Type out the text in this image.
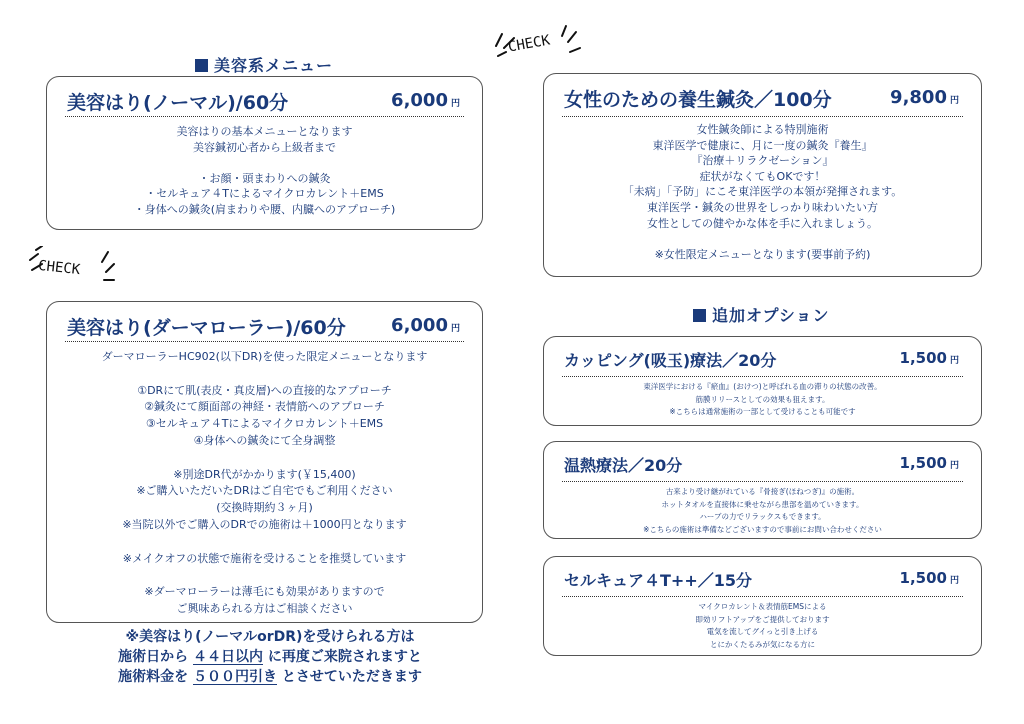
美容系メニュー
追加オプション
CHECK
CHECK
美容はり(ノーマル)/60分	6,000 円
美容はりの基本メニューとなります
美容鍼初心者から上級者まで
・お顔・頭まわりへの鍼灸
・セルキュア４Tによるマイクロカレント＋EMS
・身体への鍼灸(肩まわりや腰、内臓へのアプローチ)
美容はり(ダーマローラー)/60分	6,000 円
ダーマローラーHC902(以下DR)を使った限定メニューとなります
①DRにて肌(表皮・真皮層)への直接的なアプローチ
②鍼灸にて顔面部の神経・表情筋へのアプローチ
③セルキュア４Tによるマイクロカレント＋EMS
④身体への鍼灸にて全身調整
※別途DR代がかかります(￥15,400)
※ご購入いただいたDRはご自宅でもご利用ください
(交換時期約３ヶ月)
※当院以外でご購入のDRでの施術は＋1000円となります
※メイクオフの状態で施術を受けることを推奨しています
※ダーマローラーは薄毛にも効果がありますので
ご興味あられる方はご相談ください
※美容はり(ノーマルorDR)を受けられる方は
施術日から ４４日以内 に再度ご来院されますと
施術料金を ５００円引き とさせていただきます
女性のための養生鍼灸／100分	9,800 円
女性鍼灸師による特別施術
東洋医学で健康に、月に一度の鍼灸『養生』
『治療＋リラクゼーション』
症状がなくてもOKです！
「未病」「予防」にこそ東洋医学の本領が発揮されます。
東洋医学・鍼灸の世界をしっかり味わいたい方
女性としての健やかな体を手に入れましょう。
※女性限定メニューとなります(要事前予約)
カッピング(吸玉)療法／20分	1,500 円
東洋医学における『瘀血』(おけつ)と呼ばれる血の滞りの状態の改善。
筋膜リリースとしての効果も狙えます。
※こちらは通常施術の一部として受けることも可能です
温熱療法／20分	1,500 円
古来より受け継がれている『骨接ぎ(ほねつぎ)』の施術。
ホットタオルを直接体に乗せながら患部を温めていきます。
ハーブの力でリラックスもできます。
※こちらの施術は準備などございますので事前にお問い合わせください
セルキュア４T++／15分	1,500 円
マイクロカレント＆表情筋EMSによる
即効リフトアップをご提供しております
電気を流してグイっと引き上げる
とにかくたるみが気になる方に
